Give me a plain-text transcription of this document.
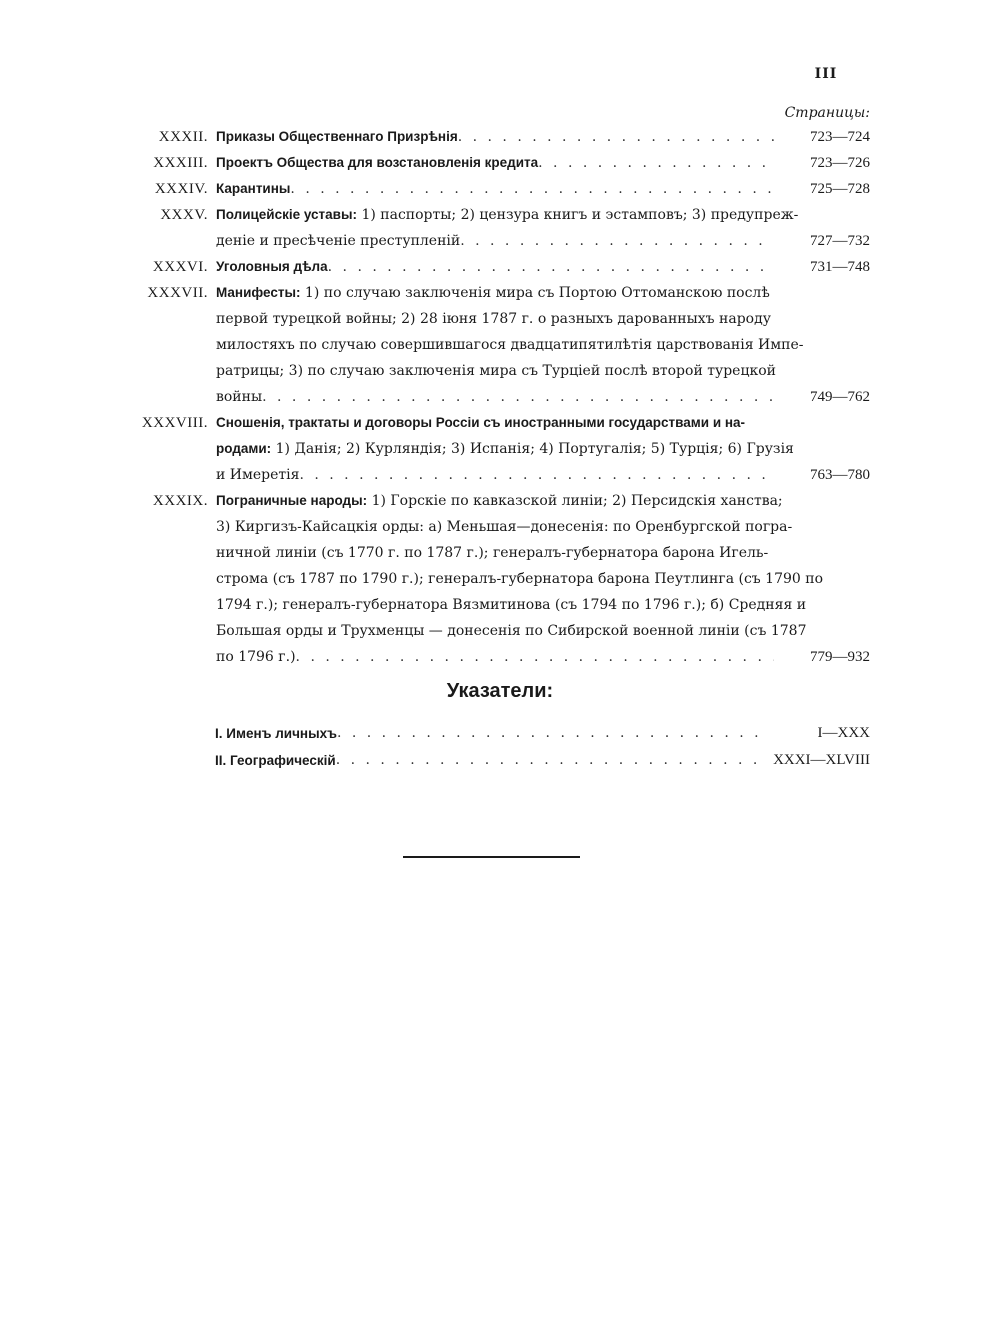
III
Страницы:
XXXII. Приказы Общественнаго Призрѣнія . . .	723—724
XXXIII. Проектъ Общества для возстановленія кредита . . .	723—726
XXXIV. Карантины . . .	725—728
XXXV. Полицейскіе уставы: 1) паспорты; 2) цензура книгъ и эстамповъ; 3) предупреж-
деніе и пресѣченіе преступленій . . .	727—732
XXXVI. Уголовныя дѣла . . .	731—748
XXXVII. Манифесты: 1) по случаю заключенія мира съ Портою Оттоманскою послѣ
первой турецкой войны; 2) 28 іюня 1787 г. о разныхъ дарованныхъ народу
милостяхъ по случаю совершившагося двадцатипятилѣтія царствованія Импе-
ратрицы; 3) по случаю заключенія мира съ Турціей послѣ второй турецкой
войны . . .	749—762
XXXVIII. Сношенія, трактаты и договоры Россіи съ иностранными государствами и на-
родами: 1) Данія; 2) Курляндія; 3) Испанія; 4) Португалія; 5) Турція; 6) Грузія
и Имеретія . . .	763—780
XXXIX. Пограничные народы: 1) Горскіе по кавказской линіи; 2) Персидскія ханства;
3) Киргизъ-Кайсацкія орды: а) Меньшая—донесенія: по Оренбургской погра-
ничной линіи (съ 1770 г. по 1787 г.); генералъ-губернатора барона Игель-
строма (съ 1787 по 1790 г.); генералъ-губернатора барона Пеутлинга (съ 1790 по
1794 г.); генералъ-губернатора Вязмитинова (съ 1794 по 1796 г.); б) Средняя и
Большая орды и Трухменцы — донесенія по Сибирской военной линіи (съ 1787
по 1796 г.) . . .	779—932
Указатели:
I. Именъ личныхъ . . .	I—XXX
II. Географическій . . .	XXXI—XLVIII
